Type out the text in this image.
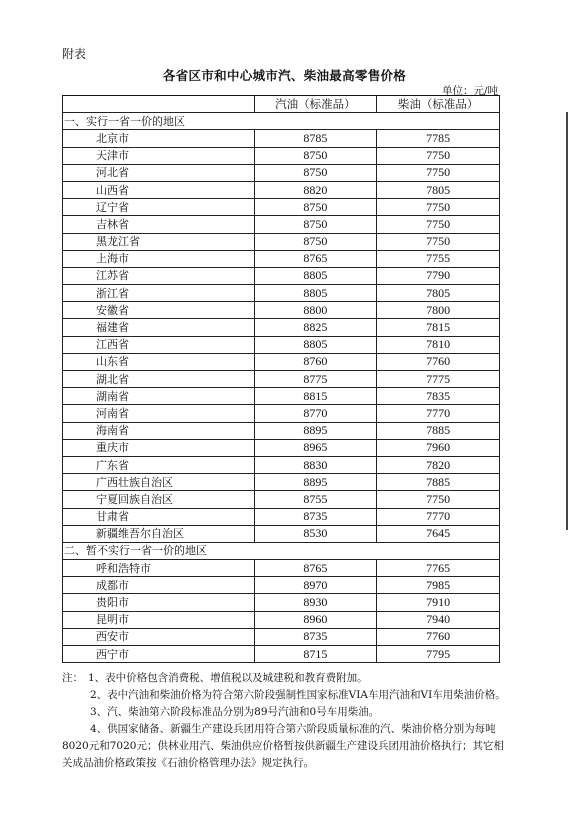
附表
各省区市和中心城市汽、柴油最高零售价格
单位：元/吨
	汽油（标准品）	柴油（标准品）
一、实行一省一价的地区		
北京市	8785	7785
天津市	8750	7750
河北省	8750	7750
山西省	8820	7805
辽宁省	8750	7750
吉林省	8750	7750
黑龙江省	8750	7750
上海市	8765	7755
江苏省	8805	7790
浙江省	8805	7805
安徽省	8800	7800
福建省	8825	7815
江西省	8805	7810
山东省	8760	7760
湖北省	8775	7775
湖南省	8815	7835
河南省	8770	7770
海南省	8895	7885
重庆市	8965	7960
广东省	8830	7820
广西壮族自治区	8895	7885
宁夏回族自治区	8755	7750
甘肃省	8735	7770
新疆维吾尔自治区	8530	7645
二、暂不实行一省一价的地区		
呼和浩特市	8765	7765
成都市	8970	7985
贵阳市	8930	7910
昆明市	8960	7940
西安市	8735	7760
西宁市	8715	7795

注： 1、表中价格包含消费税、增值税以及城建税和教育费附加。

2、表中汽油和柴油价格为符合第六阶段强制性国家标准VIA车用汽油和VI车用柴油价格。

3、汽、柴油第六阶段标准品分别为89号汽油和0号车用柴油。

4、供国家储备、新疆生产建设兵团用符合第六阶段质量标准的汽、柴油价格分别为每吨8020元和7020元；供林业用汽、柴油供应价格暂按供新疆生产建设兵团用油价格执行；其它相关成品油价格政策按《石油价格管理办法》规定执行。
